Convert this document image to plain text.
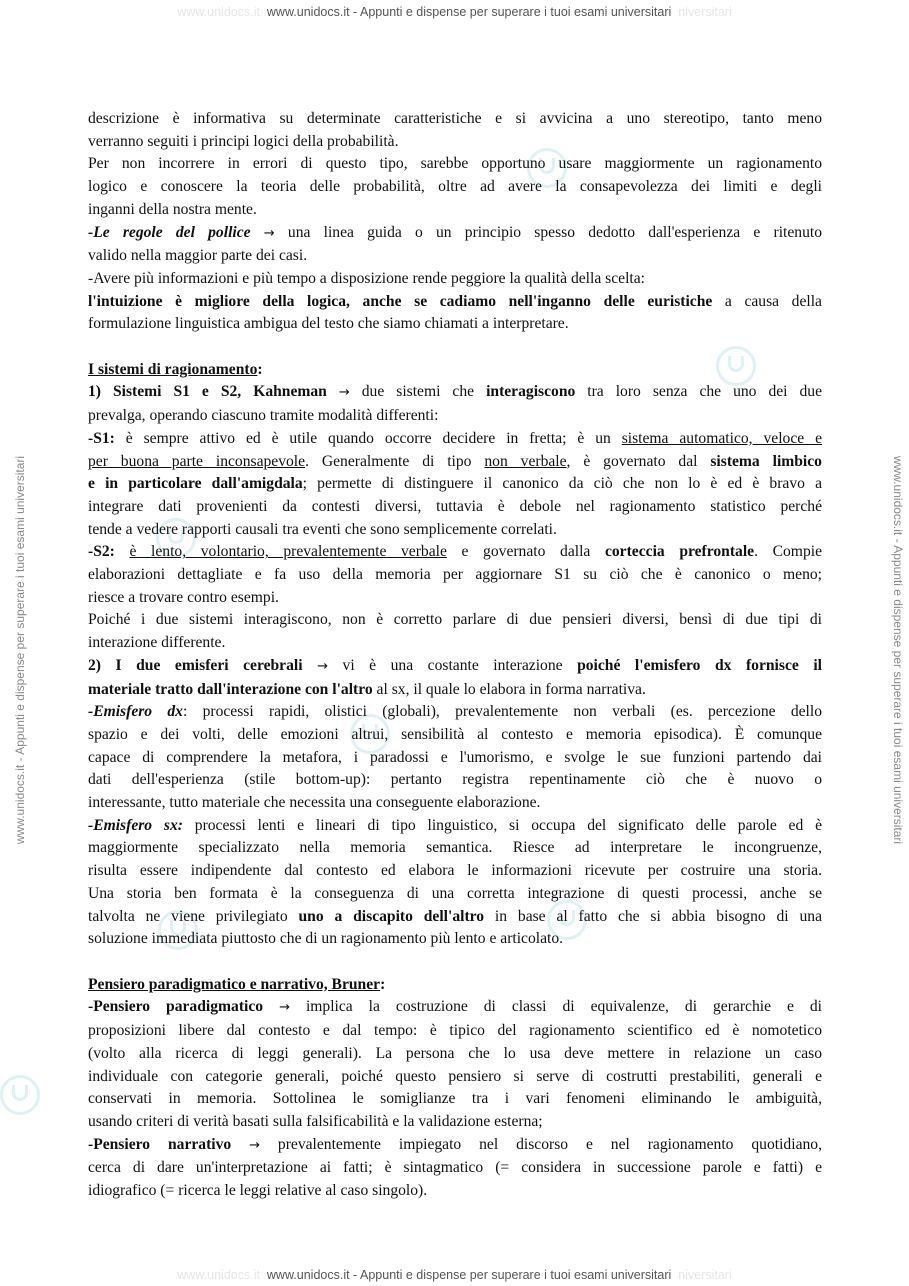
www.unidocs.it  www.unidocs.it - Appunti e dispense per superare i tuoi esami universitari  niversitari
www.unidocs.it  www.unidocs.it - Appunti e dispense per superare i tuoi esami universitari  niversitari
www.unidocs.it - Appunti e dispense per superare i tuoi esami universitari	www.unidocs.it - Appunti e dispense per superare i tuoi esami universitari

descrizione è informativa su determinate caratteristiche e si avvicina a uno stereotipo, tanto meno

verranno seguiti i principi logici della probabilità.

Per non incorrere in errori di questo tipo, sarebbe opportuno usare maggiormente un ragionamento

logico e conoscere la teoria delle probabilità, oltre ad avere la consapevolezza dei limiti e degli

inganni della nostra mente.

-Le regole del pollice → una linea guida o un principio spesso dedotto dall'esperienza e ritenuto

valido nella maggior parte dei casi.

-Avere più informazioni e più tempo a disposizione rende peggiore la qualità della scelta:

l'intuizione è migliore della logica, anche se cadiamo nell'inganno delle euristiche a causa della

formulazione linguistica ambigua del testo che siamo chiamati a interpretare.

I sistemi di ragionamento:

1) Sistemi S1 e S2, Kahneman → due sistemi che interagiscono tra loro senza che uno dei due

prevalga, operando ciascuno tramite modalità differenti:

-S1: è sempre attivo ed è utile quando occorre decidere in fretta; è un sistema automatico, veloce e

per buona parte inconsapevole. Generalmente di tipo non verbale, è governato dal sistema limbico

e in particolare dall'amigdala; permette di distinguere il canonico da ciò che non lo è ed è bravo a

integrare dati provenienti da contesti diversi, tuttavia è debole nel ragionamento statistico perché

tende a vedere rapporti causali tra eventi che sono semplicemente correlati.

-S2: è lento, volontario, prevalentemente verbale e governato dalla corteccia prefrontale. Compie

elaborazioni dettagliate e fa uso della memoria per aggiornare S1 su ciò che è canonico o meno;

riesce a trovare contro esempi.

Poiché i due sistemi interagiscono, non è corretto parlare di due pensieri diversi, bensì di due tipi di

interazione differente.

2) I due emisferi cerebrali → vi è una costante interazione poiché l'emisfero dx fornisce il

materiale tratto dall'interazione con l'altro al sx, il quale lo elabora in forma narrativa.

-Emisfero dx: processi rapidi, olistici (globali), prevalentemente non verbali (es. percezione dello

spazio e dei volti, delle emozioni altrui, sensibilità al contesto e memoria episodica). È comunque

capace di comprendere la metafora, i paradossi e l'umorismo, e svolge le sue funzioni partendo dai

dati dell'esperienza (stile bottom-up): pertanto registra repentinamente ciò che è nuovo o

interessante, tutto materiale che necessita una conseguente elaborazione.

-Emisfero sx: processi lenti e lineari di tipo linguistico, si occupa del significato delle parole ed è

maggiormente specializzato nella memoria semantica. Riesce ad interpretare le incongruenze,

risulta essere indipendente dal contesto ed elabora le informazioni ricevute per costruire una storia.

Una storia ben formata è la conseguenza di una corretta integrazione di questi processi, anche se

talvolta ne viene privilegiato uno a discapito dell'altro in base al fatto che si abbia bisogno di una

soluzione immediata piuttosto che di un ragionamento più lento e articolato.

Pensiero paradigmatico e narrativo, Bruner:

-Pensiero paradigmatico → implica la costruzione di classi di equivalenze, di gerarchie e di

proposizioni libere dal contesto e dal tempo: è tipico del ragionamento scientifico ed è nomotetico

(volto alla ricerca di leggi generali). La persona che lo usa deve mettere in relazione un caso

individuale con categorie generali, poiché questo pensiero si serve di costrutti prestabiliti, generali e

conservati in memoria. Sottolinea le somiglianze tra i vari fenomeni eliminando le ambiguità,

usando criteri di verità basati sulla falsificabilità e la validazione esterna;

-Pensiero narrativo → prevalentemente impiegato nel discorso e nel ragionamento quotidiano,

cerca di dare un'interpretazione ai fatti; è sintagmatico (= considera in successione parole e fatti) e

idiografico (= ricerca le leggi relative al caso singolo).
